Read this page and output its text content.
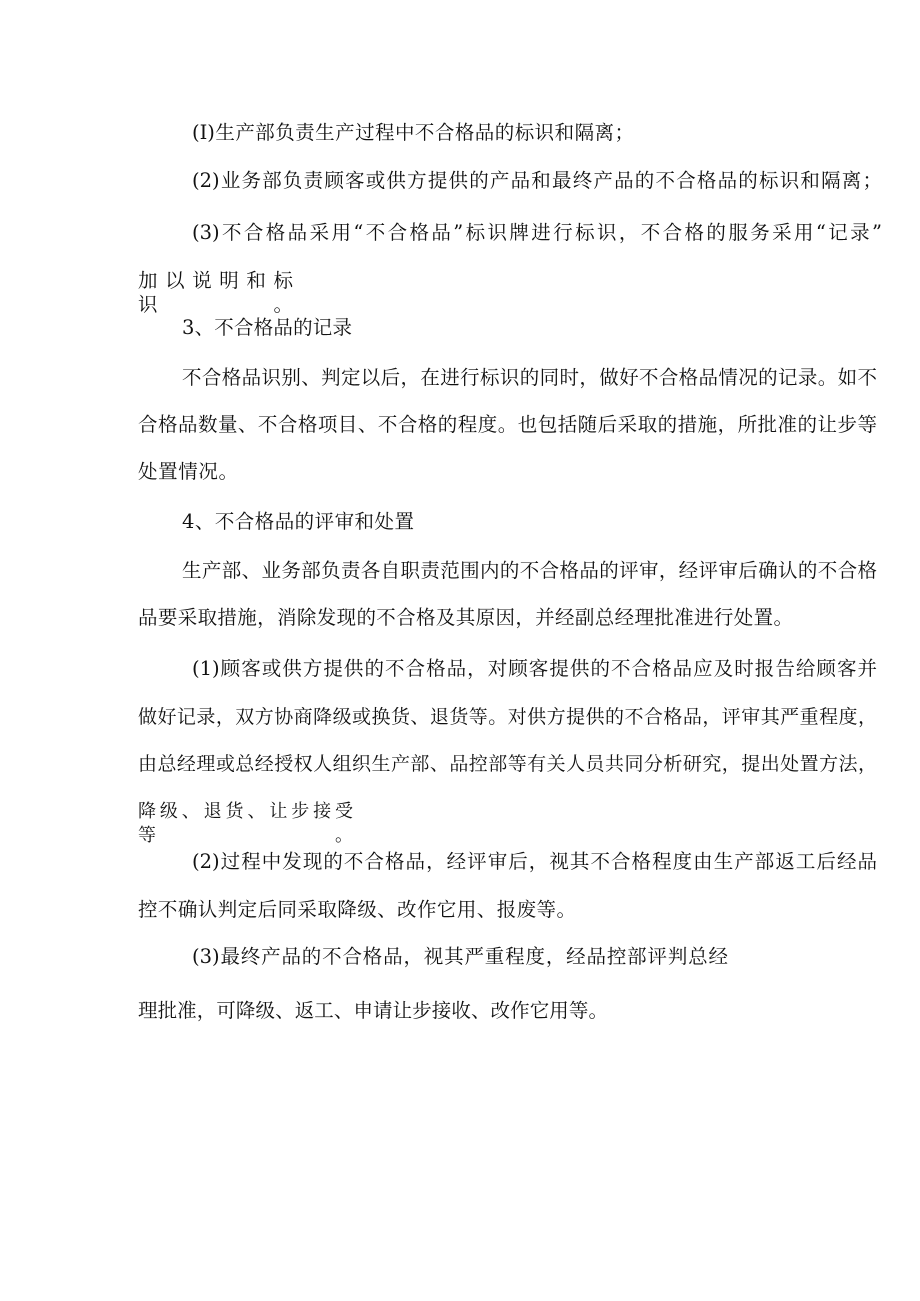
(I)生产部负责生产过程中不合格品的标识和隔离；

(2)业务部负责顾客或供方提供的产品和最终产品的不合格品的标识和隔离；

(3)不合格品采用“不合格品”标识牌进行标识，不合格的服务采用“记录”

加以说明和标识。

3、不合格品的记录

不合格品识别、判定以后，在进行标识的同时，做好不合格品情况的记录。如不

合格品数量、不合格项目、不合格的程度。也包括随后采取的措施，所批准的让步等

处置情况。

4、不合格品的评审和处置

生产部、业务部负责各自职责范围内的不合格品的评审，经评审后确认的不合格

品要采取措施，消除发现的不合格及其原因，并经副总经理批准进行处置。

(1)顾客或供方提供的不合格品，对顾客提供的不合格品应及时报告给顾客并

做好记录，双方协商降级或换货、退货等。对供方提供的不合格品，评审其严重程度，

由总经理或总经授权人组织生产部、品控部等有关人员共同分析研究，提出处置方法，

降级、退货、让步接受等。

(2)过程中发现的不合格品，经评审后，视其不合格程度由生产部返工后经品

控不确认判定后同采取降级、改作它用、报废等。

(3)最终产品的不合格品，视其严重程度，经品控部评判总经

理批准，可降级、返工、申请让步接收、改作它用等。
